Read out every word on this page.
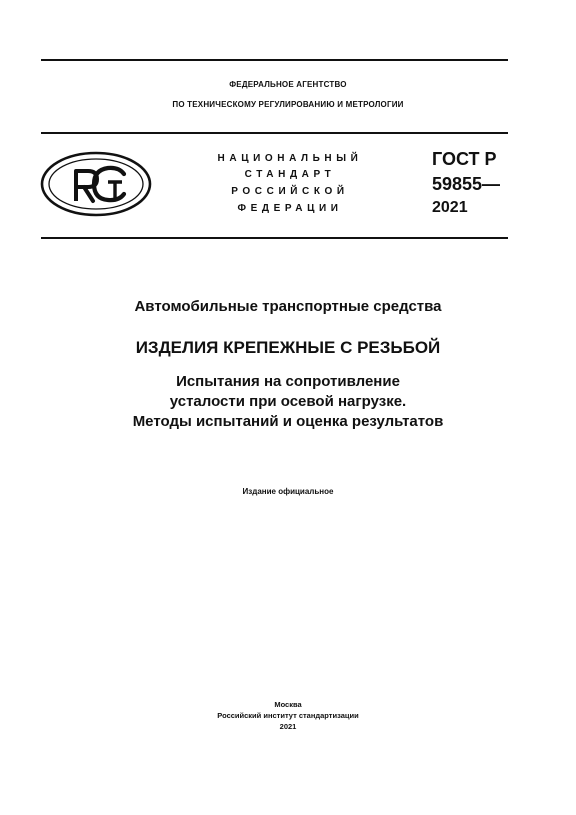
ФЕДЕРАЛЬНОЕ АГЕНТСТВО
ПО ТЕХНИЧЕСКОМУ РЕГУЛИРОВАНИЮ И МЕТРОЛОГИИ
НАЦИОНАЛЬНЫЙ
СТАНДАРТ
РОССИЙСКОЙ
ФЕДЕРАЦИИ
ГОСТ Р
59855—
2021
Автомобильные транспортные средства
ИЗДЕЛИЯ КРЕПЕЖНЫЕ С РЕЗЬБОЙ
Испытания на сопротивление
усталости при осевой нагрузке.
Методы испытаний и оценка результатов
Издание официальное
Москва
Российский институт стандартизации
2021
